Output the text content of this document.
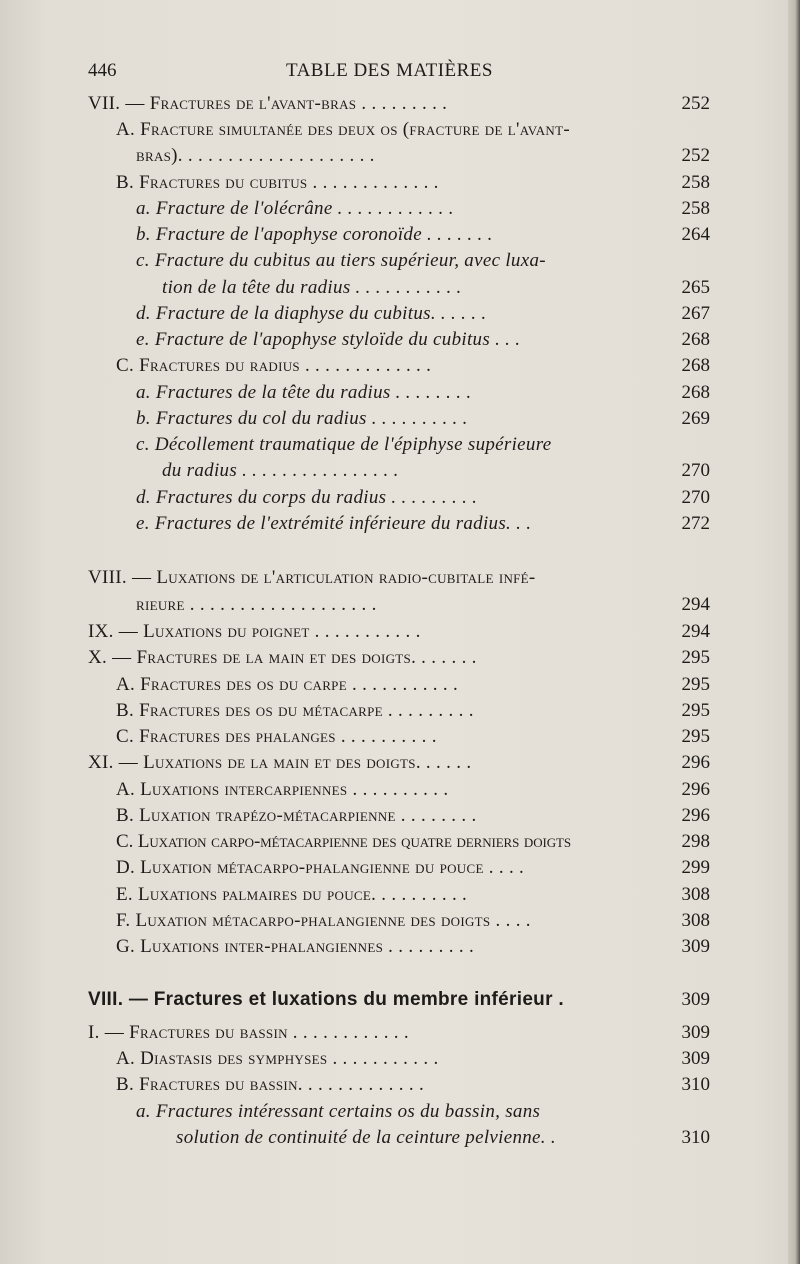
446	TABLE DES MATIÈRES
VII. — Fractures de l'avant-bras . . . . . . . . .	252
A. Fracture simultanée des deux os (fracture de l'avant-
bras). . . . . . . . . . . . . . . . . . . .	252
B. Fractures du cubitus . . . . . . . . . . . . .	258
a. Fracture de l'olécrâne . . . . . . . . . . . .	258
b. Fracture de l'apophyse coronoïde . . . . . . .	264
c. Fracture du cubitus au tiers supérieur, avec luxa-
tion de la tête du radius . . . . . . . . . . .	265
d. Fracture de la diaphyse du cubitus. . . . . .	267
e. Fracture de l'apophyse styloïde du cubitus . . .	268
C. Fractures du radius . . . . . . . . . . . . .	268
a. Fractures de la tête du radius . . . . . . . .	268
b. Fractures du col du radius . . . . . . . . . .	269
c. Décollement traumatique de l'épiphyse supérieure
du radius . . . . . . . . . . . . . . . .	270
d. Fractures du corps du radius . . . . . . . . .	270
e. Fractures de l'extrémité inférieure du radius. . .	272
VIII. — Luxations de l'articulation radio-cubitale infé-
rieure . . . . . . . . . . . . . . . . . . .	294
IX. — Luxations du poignet . . . . . . . . . . .	294
X. — Fractures de la main et des doigts. . . . . . .	295
A. Fractures des os du carpe . . . . . . . . . . .	295
B. Fractures des os du métacarpe . . . . . . . . .	295
C. Fractures des phalanges . . . . . . . . . .	295
XI. — Luxations de la main et des doigts. . . . . .	296
A. Luxations intercarpiennes . . . . . . . . . .	296
B. Luxation trapézo-métacarpienne . . . . . . . .	296
C. Luxation carpo-métacarpienne des quatre derniers doigts	298
D. Luxation métacarpo-phalangienne du pouce . . . .	299
E. Luxations palmaires du pouce. . . . . . . . . .	308
F. Luxation métacarpo-phalangienne des doigts . . . .	308
G. Luxations inter-phalangiennes . . . . . . . . .	309
VIII. — Fractures et luxations du membre inférieur .	309
I. — Fractures du bassin . . . . . . . . . . . .	309
A. Diastasis des symphyses . . . . . . . . . . .	309
B. Fractures du bassin. . . . . . . . . . . . .	310
a. Fractures intéressant certains os du bassin, sans
solution de continuité de la ceinture pelvienne. .	310
